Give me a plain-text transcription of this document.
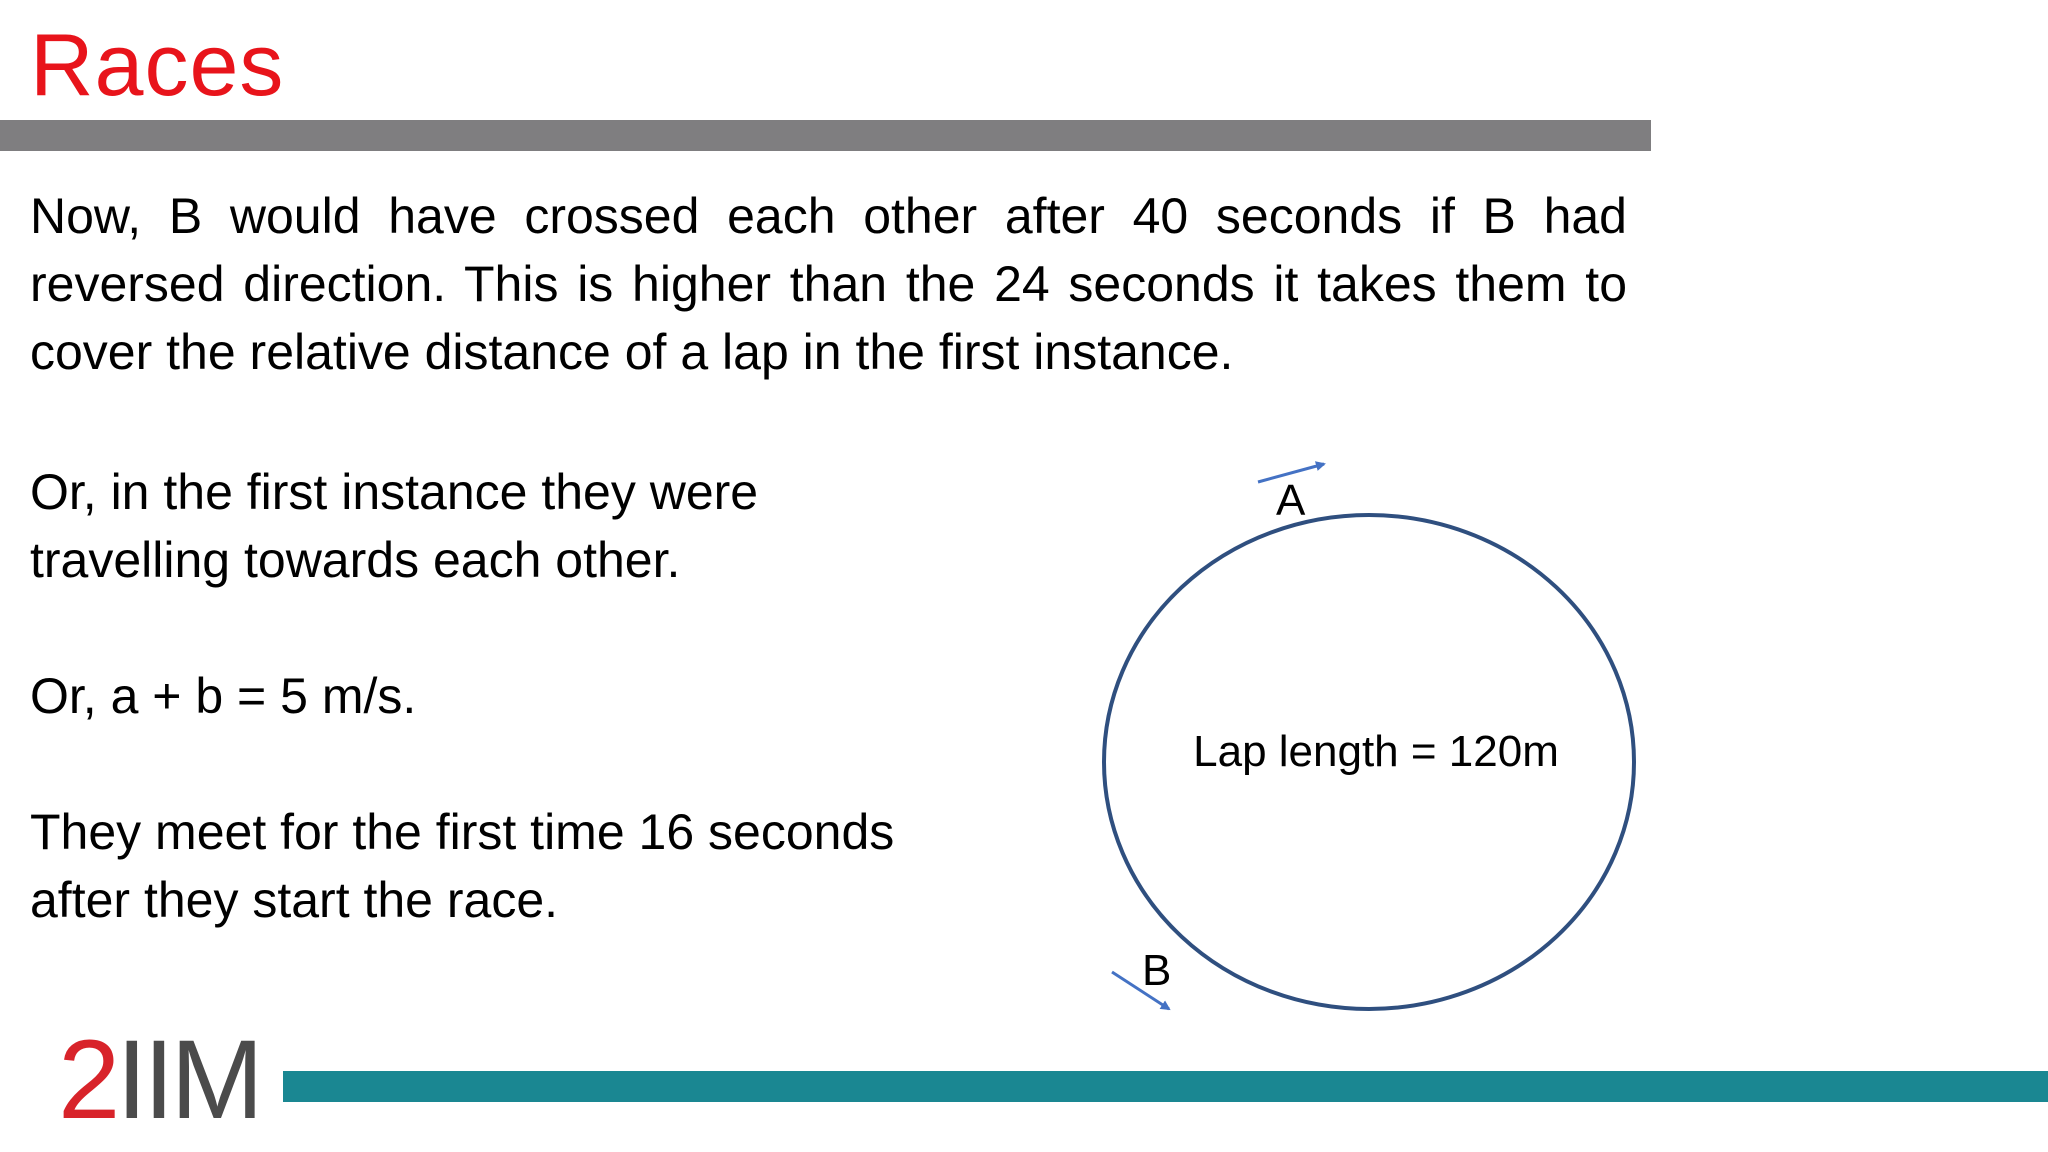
Races
Now, B would have crossed each other after 40 seconds if B had reversed direction. This is higher than the 24 seconds it takes them to cover the relative distance of a lap in the first instance.
Or, in the first instance they were
travelling towards each other.
Or, a + b = 5 m/s.
They meet for the first time 16 seconds
after they start the race.
A
B
Lap length = 120m
2IIM
